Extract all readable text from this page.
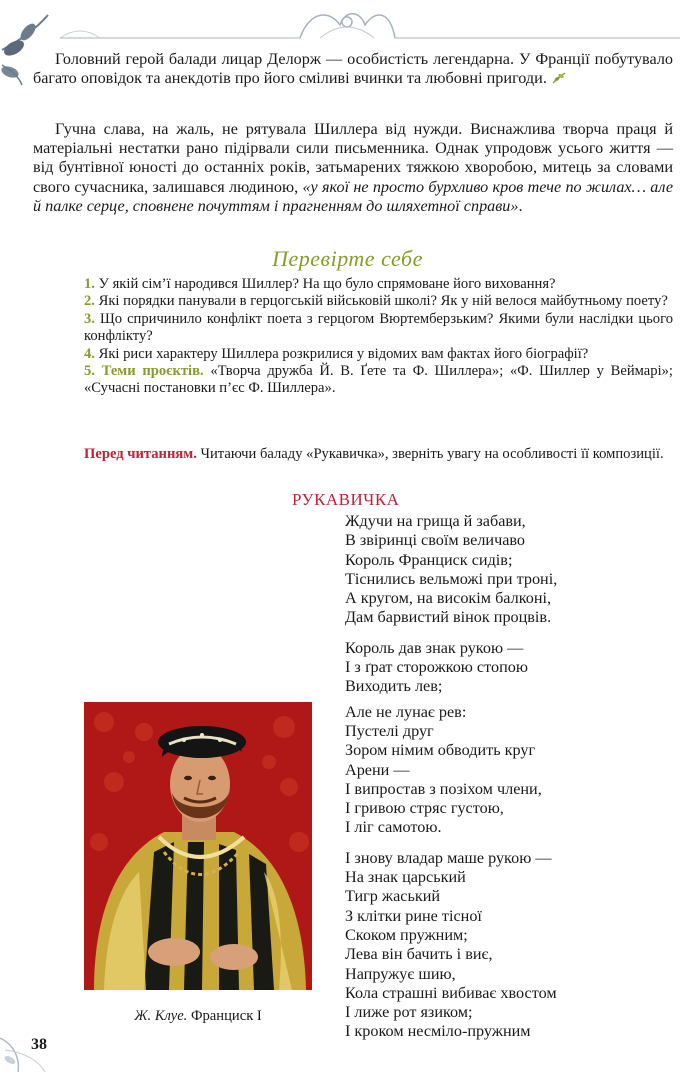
Головний герой балади лицар Делорж — особистість легендарна. У Франції побутувало багато оповідок та анекдотів про його сміливі вчинки та любовні пригоди.
Гучна слава, на жаль, не рятувала Шиллера від нужди. Виснажлива творча праця й матеріальні нестатки рано підірвали сили письменника. Однак упродовж усього життя — від бунтівної юності до останніх років, затьмарених тяжкою хворобою, митець за словами свого сучасника, залишався людиною, «у якої не просто бурхливо кров тече по жилах… але й палке серце, сповнене почуттям і прагненням до шляхетної справи».
Перевірте себе
1. У якій сім’ї народився Шиллер? На що було спрямоване його виховання?
2. Які порядки панували в герцогській військовій школі? Як у ній велося майбутньому поету?
3. Що спричинило конфлікт поета з герцогом Вюртемберзьким? Якими були наслідки цього конфлікту?
4. Які риси характеру Шиллера розкрилися у відомих вам фактах його біографії?
5. Теми проєктів. «Творча дружба Й. В. Ґете та Ф. Шиллера»; «Ф. Шиллер у Веймарі»; «Сучасні постановки п’єс Ф. Шиллера».
Перед читанням. Читаючи баладу «Рукавичка», зверніть увагу на особливості її композиції.
РУКАВИЧКА
Ждучи на грища й забави,
В звіринці своїм величаво
Король Франциск сидів;
Тіснились вельможі при троні,
А кругом, на високім балконі,
Дам барвистий вінок процвів.
Король дав знак рукою —
І з ґрат сторожкою стопою
Виходить лев;
Але не лунає рев:
Пустелі друг
Зором німим обводить круг
Арени —
І випростав з позіхом члени,
І гривою стряс густою,
І ліг самотою.
І знову владар маше рукою —
На знак царський
Тигр жаський
З клітки рине тісної
Скоком пружним;
Лева він бачить і виє,
Напружує шию,
Кола страшні вибиває хвостом
І лиже рот язиком;
І кроком несміло-пружним
Ж. Клуе. Франциск I
38
